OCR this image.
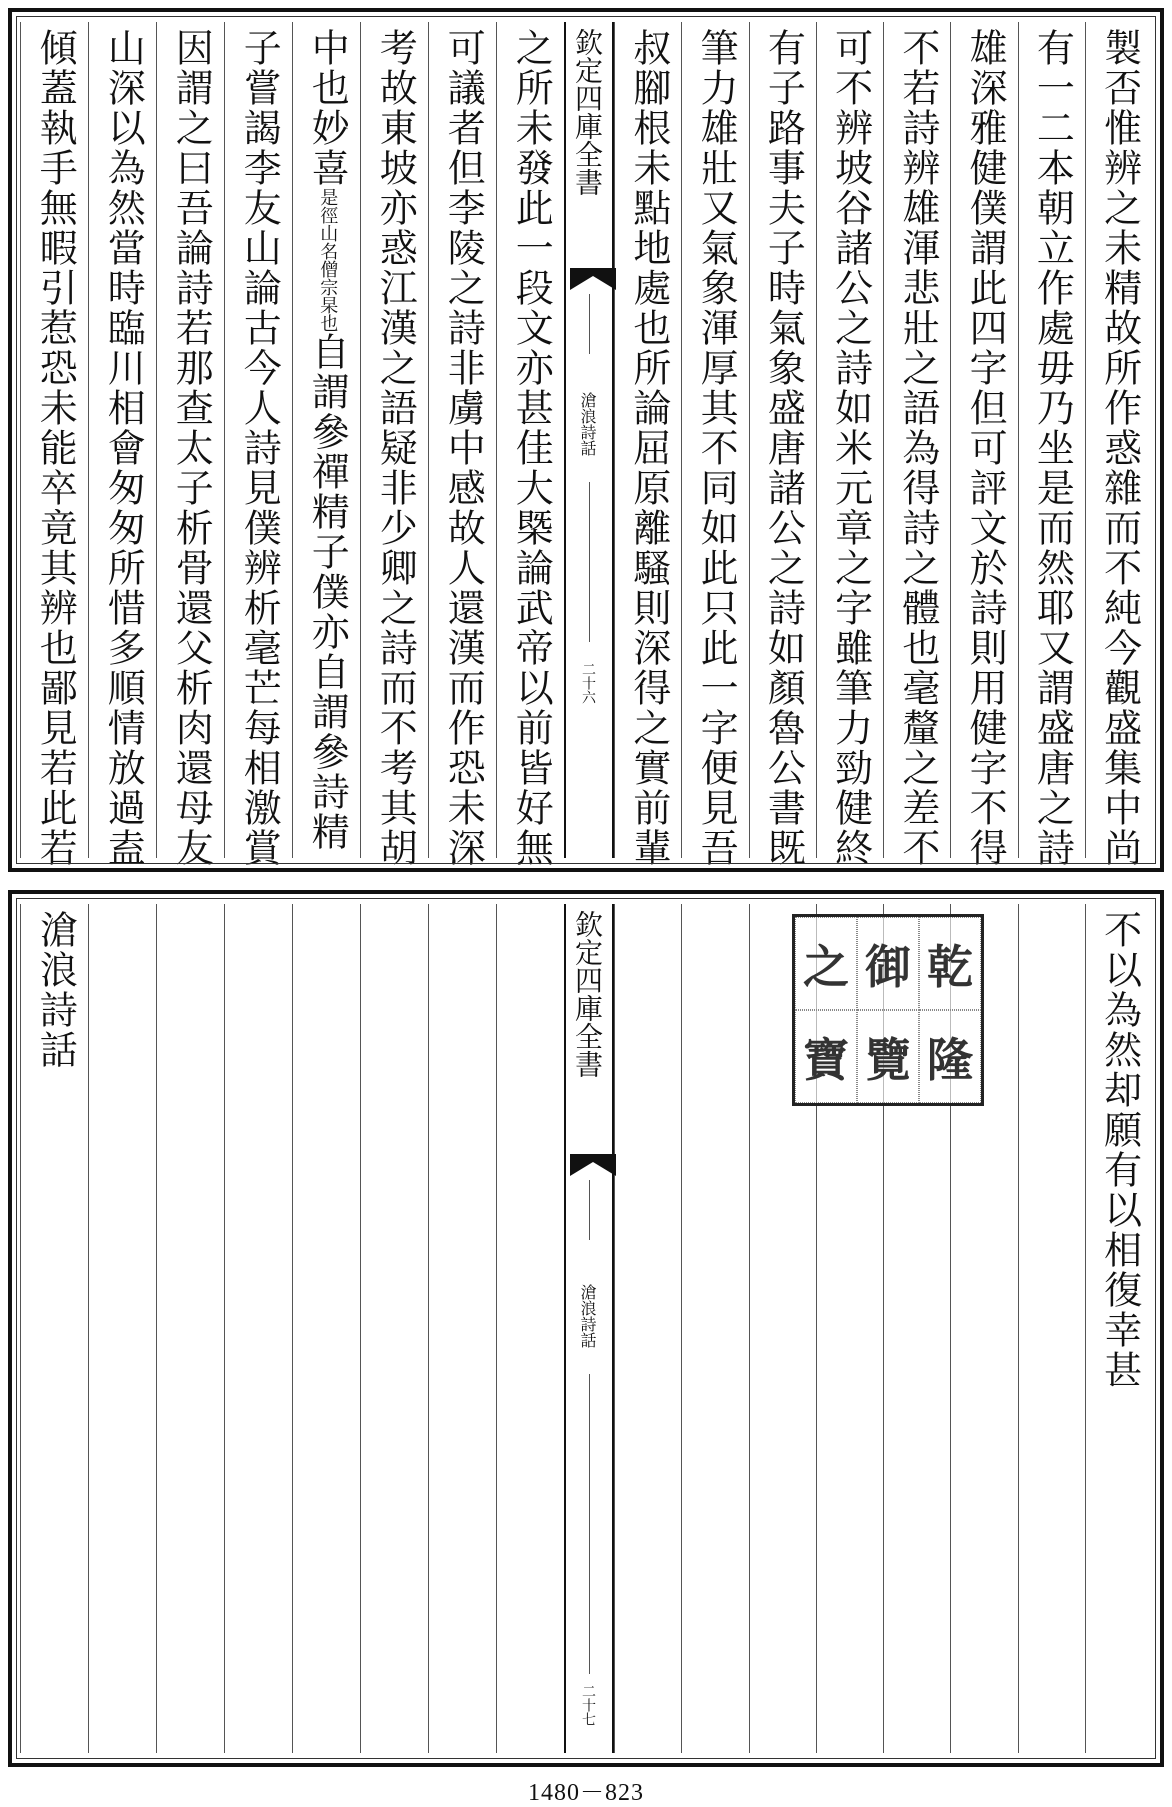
製否惟辨之未精故所作惑雜而不純今觀盛集中尚
有一二本朝立作處毋乃坐是而然耶又謂盛唐之詩
雄深雅健僕謂此四字但可評文於詩則用健字不得
不若詩辨雄渾悲壯之語為得詩之體也毫釐之差不
可不辨坡谷諸公之詩如米元章之字雖筆力勁健終
有子路事夫子時氣象盛唐諸公之詩如顏魯公書既
筆力雄壯又氣象渾厚其不同如此只此一字便見吾
叔腳根未點地處也所論屈原離騷則深得之實前輩
之所未發此一段文亦甚佳大槩論武帝以前皆好無
可議者但李陵之詩非虜中感故人還漢而作恐未深
考故東坡亦惑江漢之語疑非少卿之詩而不考其胡
中也妙喜是徑山名僧宗杲也自謂參禪精子僕亦自謂參詩精
子嘗謁李友山論古今人詩見僕辨析毫芒每相激賞
因謂之曰吾論詩若那查太子析骨還父析肉還母友
山深以為然當時臨川相會匆匆所惜多順情放過盍
傾蓋執手無暇引惹恐未能卒竟其辨也鄙見若此若	欽定四庫全書
滄浪詩話
二十六
不以為然却願有以相復幸甚
滄浪詩話	欽定四庫全書
滄浪詩話
二十七
之 御 乾
寶 覽 隆
1480－823
